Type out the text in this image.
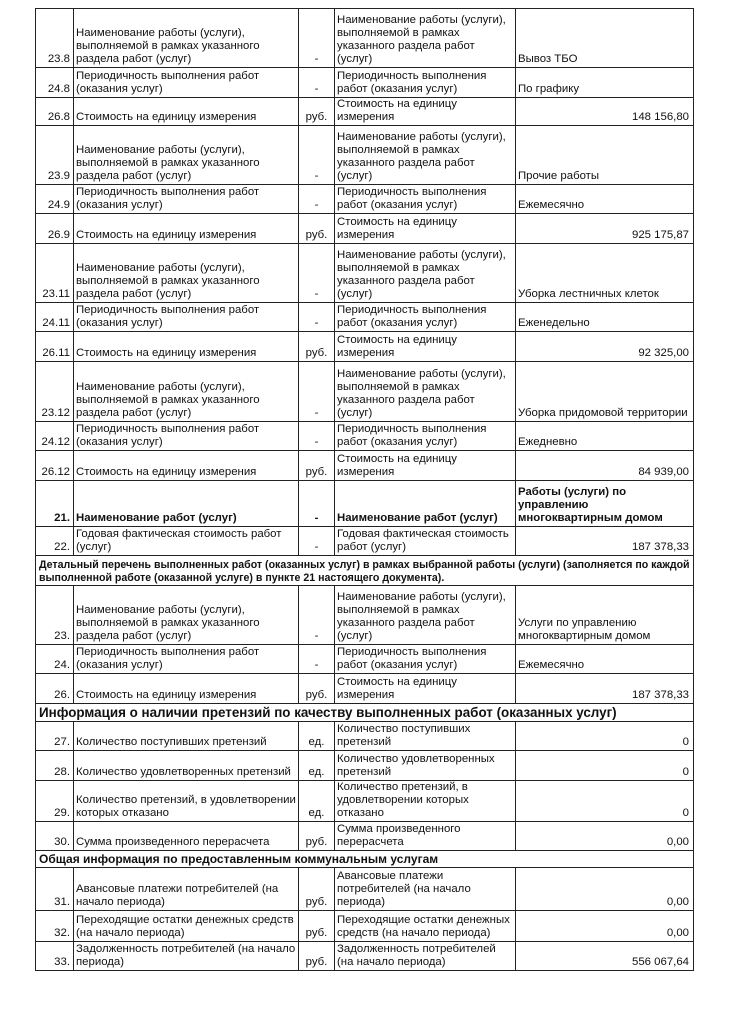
23.8	Наименование работы (услуги), выполняемой в рамках указанного раздела работ (услуг)	-	Наименование работы (услуги), выполняемой в рамках указанного раздела работ (услуг)	Вывоз ТБО
24.8	Периодичность выполнения работ (оказания услуг)	-	Периодичность выполнения работ (оказания услуг)	По графику
26.8	Стоимость на единицу измерения	руб.	Стоимость на единицу измерения	148 156,80
23.9	Наименование работы (услуги), выполняемой в рамках указанного раздела работ (услуг)	-	Наименование работы (услуги), выполняемой в рамках указанного раздела работ (услуг)	Прочие работы
24.9	Периодичность выполнения работ (оказания услуг)	-	Периодичность выполнения работ (оказания услуг)	Ежемесячно
26.9	Стоимость на единицу измерения	руб.	Стоимость на единицу измерения	925 175,87
23.11	Наименование работы (услуги), выполняемой в рамках указанного раздела работ (услуг)	-	Наименование работы (услуги), выполняемой в рамках указанного раздела работ (услуг)	Уборка лестничных клеток
24.11	Периодичность выполнения работ (оказания услуг)	-	Периодичность выполнения работ (оказания услуг)	Еженедельно
26.11	Стоимость на единицу измерения	руб.	Стоимость на единицу измерения	92 325,00
23.12	Наименование работы (услуги), выполняемой в рамках указанного раздела работ (услуг)	-	Наименование работы (услуги), выполняемой в рамках указанного раздела работ (услуг)	Уборка придомовой территории
24.12	Периодичность выполнения работ (оказания услуг)	-	Периодичность выполнения работ (оказания услуг)	Ежедневно
26.12	Стоимость на единицу измерения	руб.	Стоимость на единицу измерения	84 939,00
21.	Наименование работ (услуг)	-	Наименование работ (услуг)	Работы (услуги) по управлению многоквартирным домом
22.	Годовая фактическая стоимость работ (услуг)	-	Годовая фактическая стоимость работ (услуг)	187 378,33
Детальный перечень выполненных работ (оказанных услуг) в рамках выбранной работы (услуги) (заполняется по каждой выполненной работе (оказанной услуге) в пункте 21 настоящего документа).				
23.	Наименование работы (услуги), выполняемой в рамках указанного раздела работ (услуг)	-	Наименование работы (услуги), выполняемой в рамках указанного раздела работ (услуг)	Услуги по управлению многоквартирным домом
24.	Периодичность выполнения работ (оказания услуг)	-	Периодичность выполнения работ (оказания услуг)	Ежемесячно
26.	Стоимость на единицу измерения	руб.	Стоимость на единицу измерения	187 378,33
Информация о наличии претензий по качеству выполненных работ (оказанных услуг)				
27.	Количество поступивших претензий	ед.	Количество поступивших претензий	0
28.	Количество удовлетворенных претензий	ед.	Количество удовлетворенных претензий	0
29.	Количество претензий, в удовлетворении которых отказано	ед.	Количество претензий, в удовлетворении которых отказано	0
30.	Сумма произведенного перерасчета	руб.	Сумма произведенного перерасчета	0,00
Общая информация по предоставленным коммунальным услугам				
31.	Авансовые платежи потребителей (на начало периода)	руб.	Авансовые платежи потребителей (на начало периода)	0,00
32.	Переходящие остатки денежных средств (на начало периода)	руб.	Переходящие остатки денежных средств (на начало периода)	0,00
33.	Задолженность потребителей (на начало периода)	руб.	Задолженность потребителей (на начало периода)	556 067,64
